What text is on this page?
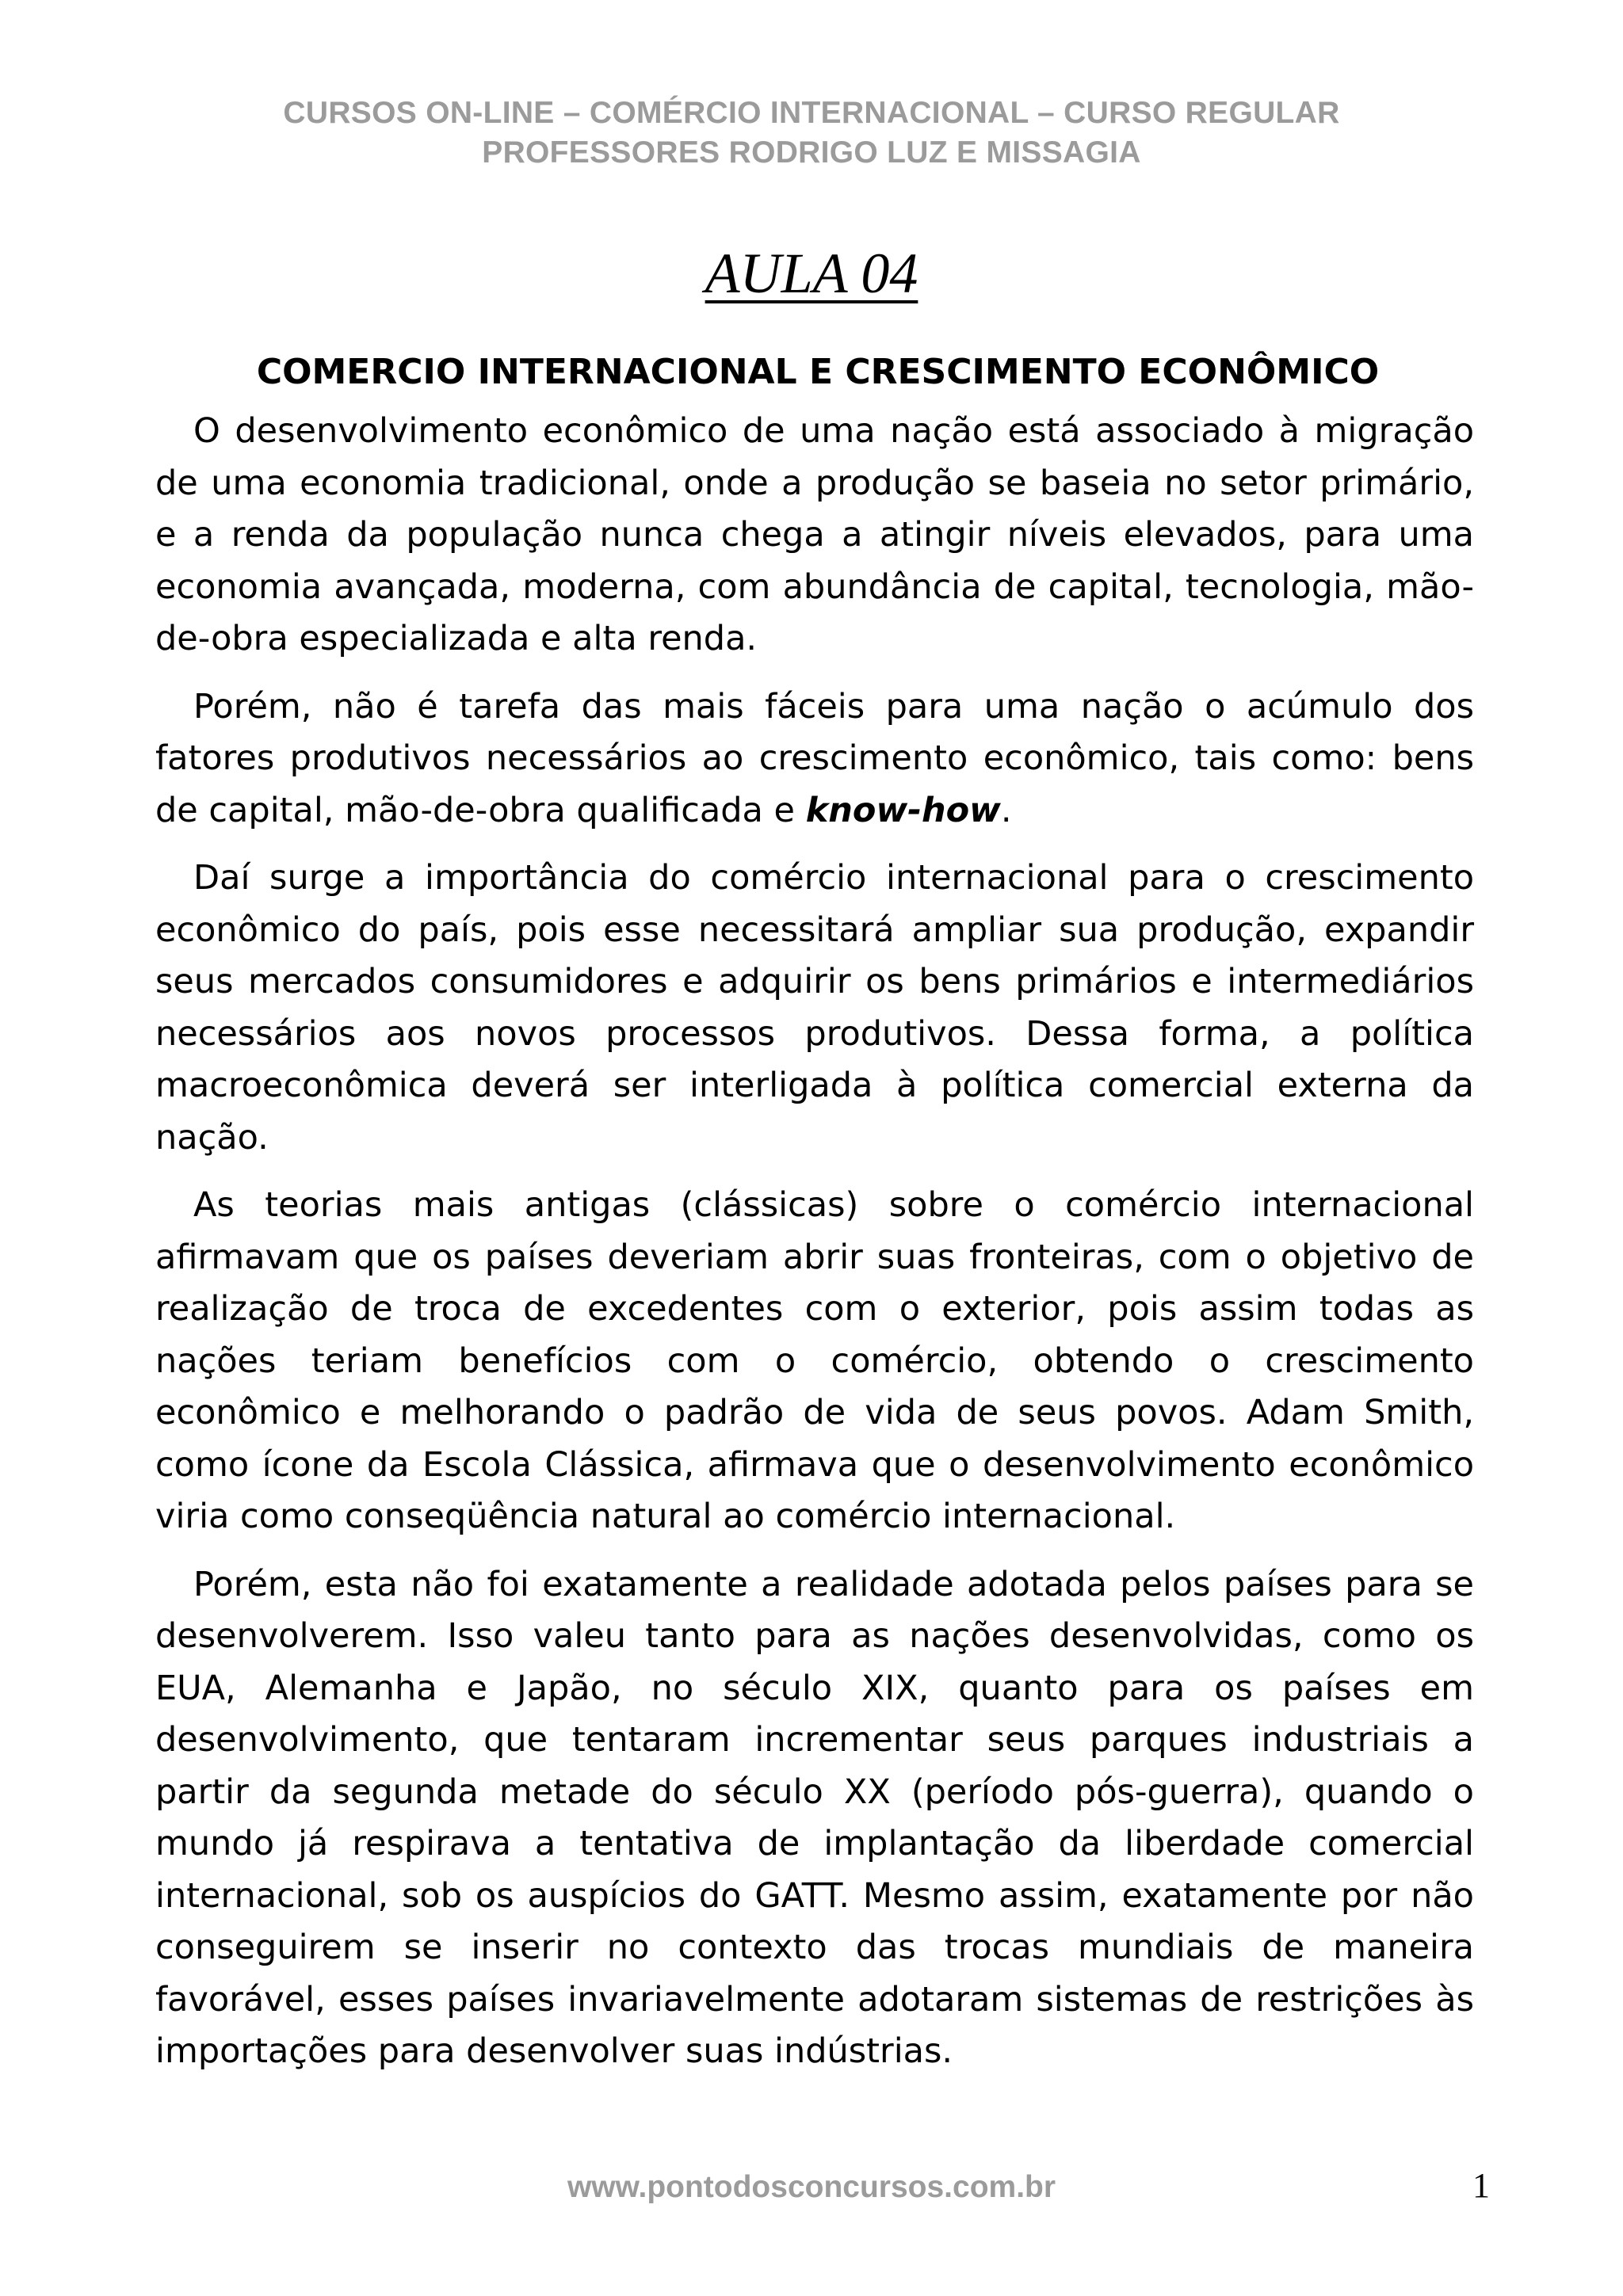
CURSOS ON-LINE – COMÉRCIO INTERNACIONAL – CURSO REGULAR
PROFESSORES RODRIGO LUZ E MISSAGIA
AULA 04
COMERCIO INTERNACIONAL E CRESCIMENTO ECONÔMICO

O desenvolvimento econômico de uma nação está associado à migração de uma economia tradicional, onde a produção se baseia no setor primário, e a renda da população nunca chega a atingir níveis elevados, para uma economia avançada, moderna, com abundância de capital, tecnologia, mão-de-obra especializada e alta renda.

Porém, não é tarefa das mais fáceis para uma nação o acúmulo dos fatores produtivos necessários ao crescimento econômico, tais como: bens de capital, mão-de-obra qualificada e know-how.

Daí surge a importância do comércio internacional para o crescimento econômico do país, pois esse necessitará ampliar sua produção, expandir seus mercados consumidores e adquirir os bens primários e intermediários necessários aos novos processos produtivos. Dessa forma, a política macroeconômica deverá ser interligada à política comercial externa da nação.

As teorias mais antigas (clássicas) sobre o comércio internacional afirmavam que os países deveriam abrir suas fronteiras, com o objetivo de realização de troca de excedentes com o exterior, pois assim todas as nações teriam benefícios com o comércio, obtendo o crescimento econômico e melhorando o padrão de vida de seus povos. Adam Smith, como ícone da Escola Clássica, afirmava que o desenvolvimento econômico viria como conseqüência natural ao comércio internacional.

Porém, esta não foi exatamente a realidade adotada pelos países para se desenvolverem. Isso valeu tanto para as nações desenvolvidas, como os EUA, Alemanha e Japão, no século XIX, quanto para os países em desenvolvimento, que tentaram incrementar seus parques industriais a partir da segunda metade do século XX (período pós-guerra), quando o mundo já respirava a tentativa de implantação da liberdade comercial internacional, sob os auspícios do GATT. Mesmo assim, exatamente por não conseguirem se inserir no contexto das trocas mundiais de maneira favorável, esses países invariavelmente adotaram sistemas de restrições às importações para desenvolver suas indústrias.

www.pontodosconcursos.com.br	1
